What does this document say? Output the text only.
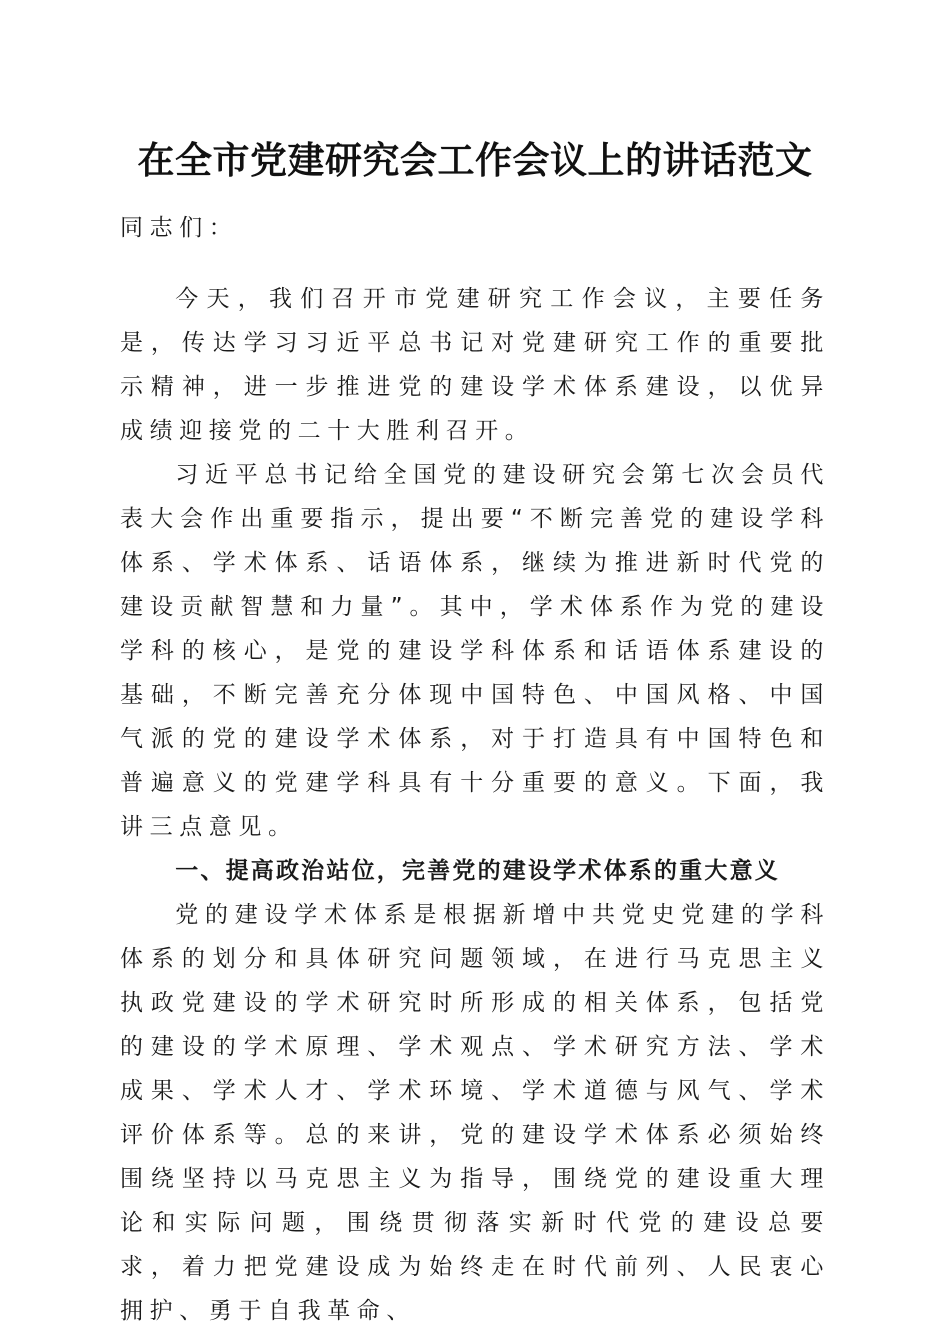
在全市党建研究会工作会议上的讲话范文
同志们：

今天，我们召开市党建研究工作会议，主要任务是，传达学习习近平总书记对党建研究工作的重要批示精神，进一步推进党的建设学术体系建设，以优异成绩迎接党的二十大胜利召开。

习近平总书记给全国党的建设研究会第七次会员代表大会作出重要指示，提出要“不断完善党的建设学科体系、学术体系、话语体系，继续为推进新时代党的建设贡献智慧和力量”。其中，学术体系作为党的建设学科的核心，是党的建设学科体系和话语体系建设的基础，不断完善充分体现中国特色、中国风格、中国气派的党的建设学术体系，对于打造具有中国特色和普遍意义的党建学科具有十分重要的意义。下面，我讲三点意见。

一、提高政治站位，完善党的建设学术体系的重大意义

党的建设学术体系是根据新增中共党史党建的学科体系的划分和具体研究问题领域，在进行马克思主义执政党建设的学术研究时所形成的相关体系，包括党的建设的学术原理、学术观点、学术研究方法、学术成果、学术人才、学术环境、学术道德与风气、学术评价体系等。总的来讲，党的建设学术体系必须始终围绕坚持以马克思主义为指导，围绕党的建设重大理论和实际问题，围绕贯彻落实新时代党的建设总要求，着力把党建设成为始终走在时代前列、人民衷心拥护、勇于自我革命、
